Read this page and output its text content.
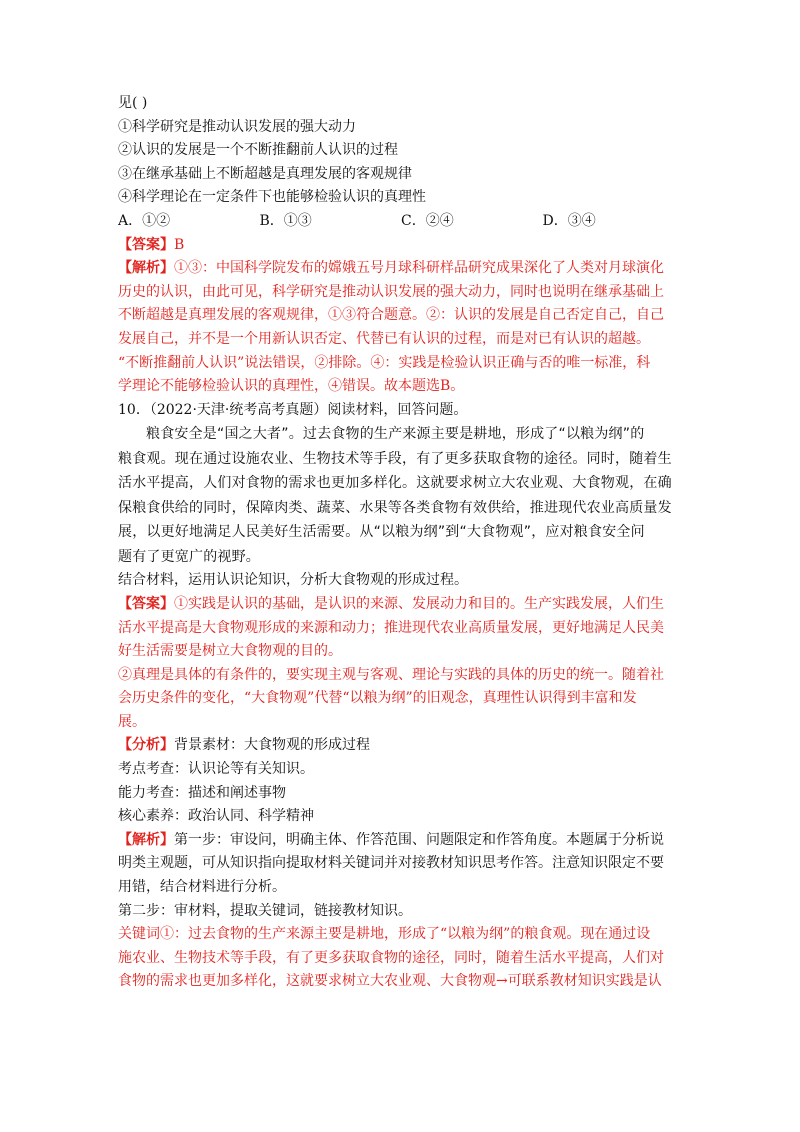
见( )
①科学研究是推动认识发展的强大动力
②认识的发展是一个不断推翻前人认识的过程
③在继承基础上不断超越是真理发展的客观规律
④科学理论在一定条件下也能够检验认识的真理性
A．①②	B．①③	C．②④	D．③④
【答案】B
【解析】①③：中国科学院发布的嫦娥五号月球科研样品研究成果深化了人类对月球演化
历史的认识，由此可见，科学研究是推动认识发展的强大动力，同时也说明在继承基础上
不断超越是真理发展的客观规律，①③符合题意。②：认识的发展是自己否定自己，自己
发展自己，并不是一个用新认识否定、代替已有认识的过程，而是对已有认识的超越。
“不断推翻前人认识”说法错误，②排除。④：实践是检验认识正确与否的唯一标准，科
学理论不能够检验认识的真理性，④错误。故本题选B。
10．（2022·天津·统考高考真题）阅读材料，回答问题。
粮食安全是“国之大者”。过去食物的生产来源主要是耕地，形成了“以粮为纲”的
粮食观。现在通过设施农业、生物技术等手段，有了更多获取食物的途径。同时，随着生
活水平提高，人们对食物的需求也更加多样化。这就要求树立大农业观、大食物观，在确
保粮食供给的同时，保障肉类、蔬菜、水果等各类食物有效供给，推进现代农业高质量发
展，以更好地满足人民美好生活需要。从“以粮为纲”到“大食物观”，应对粮食安全问
题有了更宽广的视野。
结合材料，运用认识论知识，分析大食物观的形成过程。
【答案】①实践是认识的基础，是认识的来源、发展动力和目的。生产实践发展，人们生
活水平提高是大食物观形成的来源和动力；推进现代农业高质量发展，更好地满足人民美
好生活需要是树立大食物观的目的。
②真理是具体的有条件的，要实现主观与客观、理论与实践的具体的历史的统一。随着社
会历史条件的变化，“大食物观”代替“以粮为纲”的旧观念，真理性认识得到丰富和发
展。
【分析】背景素材：大食物观的形成过程
考点考查：认识论等有关知识。
能力考查：描述和阐述事物
核心素养：政治认同、科学精神
【解析】第一步：审设问，明确主体、作答范围、问题限定和作答角度。本题属于分析说
明类主观题，可从知识指向提取材料关键词并对接教材知识思考作答。注意知识限定不要
用错，结合材料进行分析。
第二步：审材料，提取关键词，链接教材知识。
关键词①：过去食物的生产来源主要是耕地，形成了“以粮为纲”的粮食观。现在通过设
施农业、生物技术等手段，有了更多获取食物的途径，同时，随着生活水平提高，人们对
食物的需求也更加多样化，这就要求树立大农业观、大食物观→可联系教材知识实践是认
